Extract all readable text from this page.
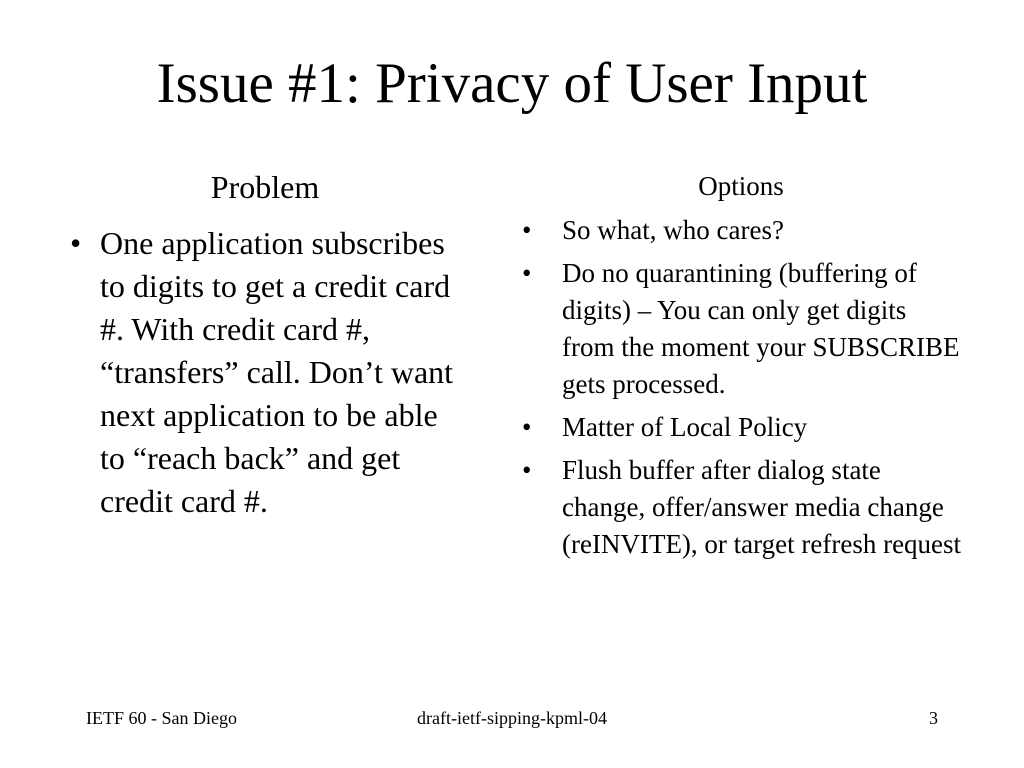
Issue #1: Privacy of User Input
Problem
• One application subscribes to digits to get a credit card #. With credit card #, “transfers” call. Don’t want next application to be able to “reach back” and get credit card #.
Options
• So what, who cares?
• Do no quarantining (buffering of digits) – You can only get digits from the moment your SUBSCRIBE gets processed.
• Matter of Local Policy
• Flush buffer after dialog state change, offer/answer media change (reINVITE), or target refresh request
IETF 60 - San Diego	draft-ietf-sipping-kpml-04	3
